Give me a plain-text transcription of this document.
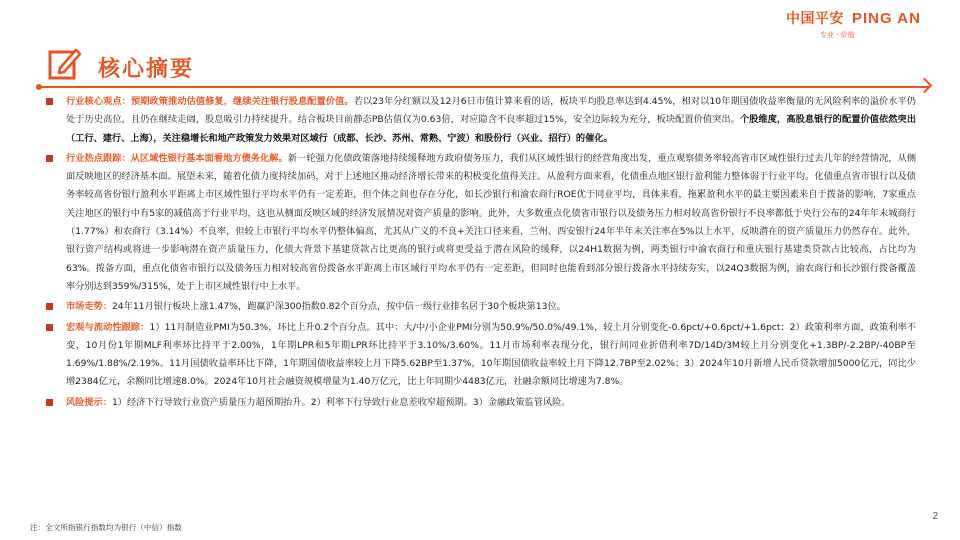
中国平安 PING AN
专业 · 价值
核心摘要
行业核心观点：预期政策推动估值修复，继续关注银行股息配置价值。若以23年分红额以及12月6日市值计算来看的话，板块平均股息率达到4.45%，相对以10年期国债收益率衡量的无风险利率的溢价水平仍处于历史高位，且仍在继续走阔，股息吸引力持续提升。结合板块目前静态PB估值仅为0.63倍，对应隐含不良率超过15%，安全边际较为充分，板块配置价值突出。个股维度，高股息银行的配置价值依然突出（工行、建行、上海），关注稳增长和地产政策发力效果对区域行（成都、长沙、苏州、常熟、宁波）和股份行（兴业、招行）的催化。
行业热点跟踪：从区域性银行基本面看地方债务化解。新一轮强力化债政策落地持续缓释地方政府债务压力，我们从区域性银行的经营角度出发，重点观察债务率较高省市区域性银行过去几年的经营情况，从侧面反映地区的经济基本面。展望未来，随着化债力度持续加码，对于上述地区推动经济增长带来的积极变化值得关注。从盈利方面来看，化债重点地区银行盈利能力整体弱于行业平均。化债重点省市银行以及债务率较高省份银行盈利水平距离上市区域性银行平均水平仍有一定差距，但个体之间也存在分化，如长沙银行和渝农商行ROE优于同业平均，具体来看，拖累盈利水平的最主要因素来自于拨备的影响，7家重点关注地区的银行中有5家的减值高于行业平均，这也从侧面反映区域的经济发展情况对资产质量的影响。此外，大多数重点化债省市银行以及债务压力相对较高省份银行不良率都低于央行公布的24年年末城商行（1.77%）和农商行（3.14%）不良率，但较上市银行平均水平仍整体偏高，尤其从广义的不良+关注口径来看，兰州、西安银行24年半年末关注率在5%以上水平，反映潜在的资产质量压力仍然存在。此外，银行资产结构或将进一步影响潜在资产质量压力，化债大背景下基建贷款占比更高的银行或将更受益于潜在风险的缓释，以24H1数据为例，两类银行中渝农商行和重庆银行基建类贷款占比较高，占比均为63%。拨备方面，重点化债省市银行以及债务压力相对较高省份拨备水平距离上市区域行平均水平仍有一定差距，但同时也能看到部分银行拨备水平持续夯实，以24Q3数据为例，渝农商行和长沙银行拨备覆盖率分别达到359%/315%，处于上市区域性银行中上水平。
市场走势：24年11月银行板块上涨1.47%，跑赢沪深300指数0.82个百分点，按中信一级行业排名居于30个板块第13位。
宏观与流动性跟踪：1）11月制造业PMI为50.3%，环比上升0.2个百分点。其中：大/中/小企业PMI分别为50.9%/50.0%/49.1%，较上月分别变化-0.6pct/+0.6pct/+1.6pct；2）政策利率方面，政策利率不变，10月份1年期MLF利率环比持平于2.00%，1年期LPR和5年期LPR环比持平于3.10%/3.60%。11月市场利率表现分化，银行间同业折借利率7D/14D/3M较上月分别变化+1.3BP/-2.2BP/-40BP至1.69%/1.88%/2.19%。11月国债收益率环比下降，1年期国债收益率较上月下降5.62BP至1.37%，10年期国债收益率较上月下降12.7BP至2.02%；3）2024年10月新增人民币贷款增加5000亿元，同比少增2384亿元，余额同比增速8.0%。2024年10月社会融资规模增量为1.40万亿元，比上年同期少4483亿元，社融余额同比增速为7.8%。
风险提示：1）经济下行导致行业资产质量压力超预期抬升。2）利率下行导致行业息差收窄超预期。3）金融政策监管风险。
注：全文所指银行指数均为银行（中信）指数
2
